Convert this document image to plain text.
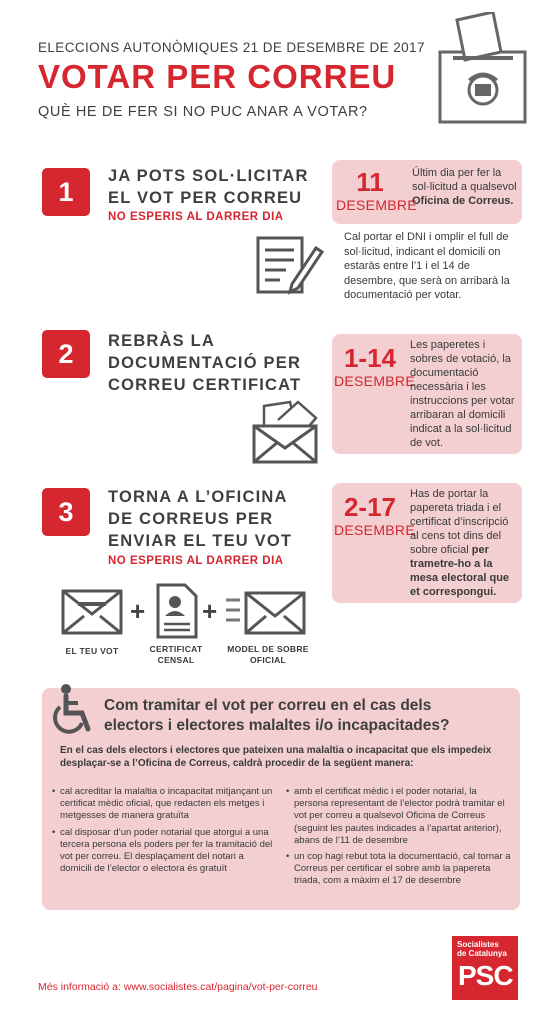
ELECCIONS AUTONÒMIQUES 21 DE DESEMBRE DE 2017
VOTAR PER CORREU
QUÈ HE DE FER SI NO PUC ANAR A VOTAR?
1
JA POTS SOL·LICITAR
EL VOT PER CORREU
NO ESPERIS AL DARRER DIA
11
DESEMBRE
Últim dia per fer la sol·licitud a qualsevol Oficina de Correus.
Cal portar el DNI i omplir el full de sol·licitud, indicant el domicili on estaràs entre l’1 i el 14 de desembre, que serà on arribarà la documentació per votar.
2	REBRÀS LA
DOCUMENTACIÓ PER
CORREU CERTIFICAT
1-14
DESEMBRE
Les paperetes i sobres de votació, la documentació necessària i les instruccions per votar arribaran al domicili indicat a la sol·licitud de vot.
3	TORNA A L’OFICINA
DE CORREUS PER
ENVIAR EL TEU VOT
NO ESPERIS AL DARRER DIA
2-17
DESEMBRE
Has de portar la papereta triada i el certificat d’inscripció al cens tot dins del sobre oficial per trametre-ho a la mesa electoral que et correspongui.
+ +
EL TEU VOT	CERTIFICAT
CENSAL
MODEL DE SOBRE
OFICIAL
Com tramitar el vot per correu en el cas dels
electors i electores malaltes i/o incapacitades?
En el cas dels electors i electores que pateixen una malaltia o incapacitat que els impedeix desplaçar-se a l’Oficina de Correus, caldrà procedir de la següent manera:
• cal acreditar la malaltia o incapacitat mitjançant un certificat mèdic oficial, que redacten els metges i metgesses de manera gratuïta
• cal disposar d’un poder notarial que atorgui a una tercera persona els poders per fer la tramitació del vot per correu. El desplaçament del notari a domicili de l’elector o electora és gratuït
• amb el certificat mèdic i el poder notarial, la persona representant de l’elector podrà tramitar el vot per correu a qualsevol Oficina de Correus (seguint les pautes indicades a l’apartat anterior), abans de l’11 de desembre
• un cop hagi rebut tota la documentació, cal tornar a Correus per certificar el sobre amb la papereta triada, com a màxim el 17 de desembre
Més informació a: www.socialistes.cat/pagina/vot-per-correu
Socialistes
de Catalunya
PSC
